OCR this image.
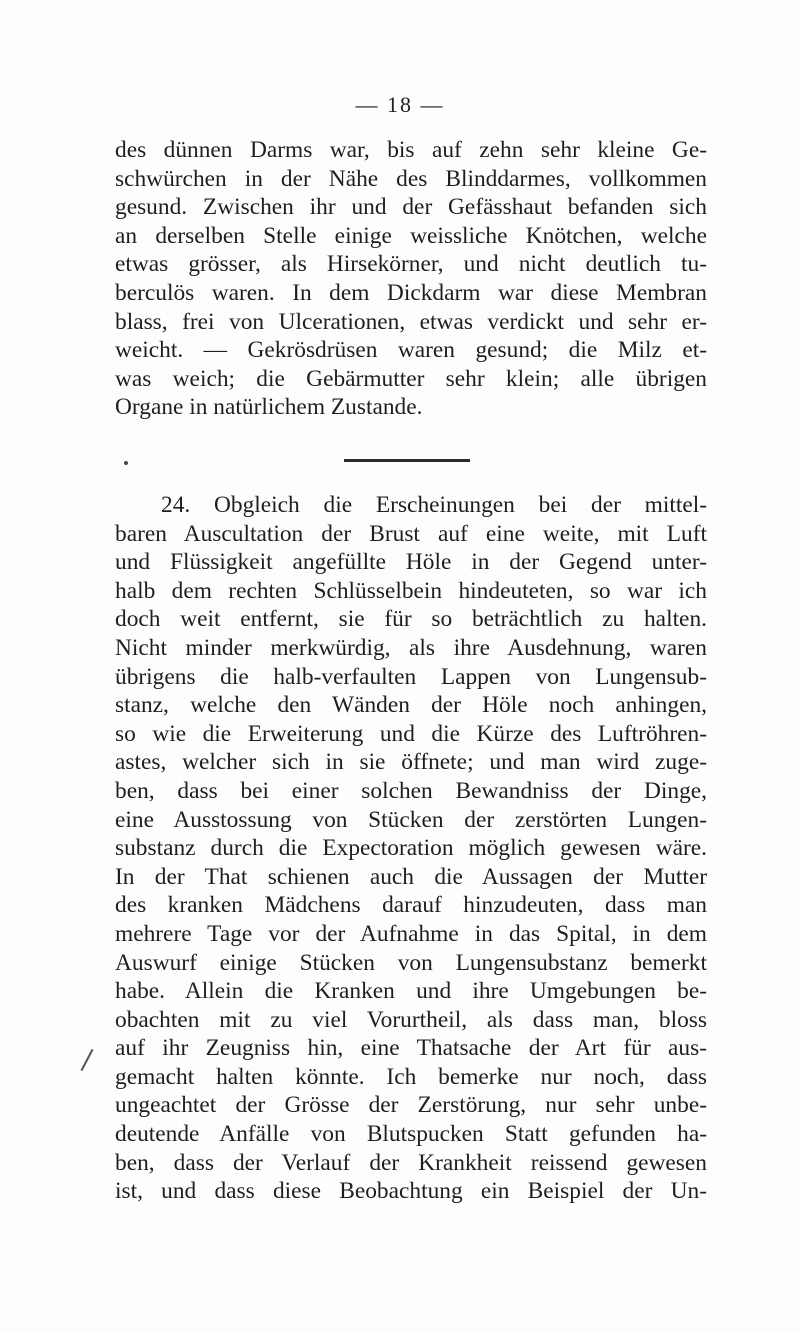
— 18 —
des dünnen Darms war, bis auf zehn sehr kleine Ge-
schwürchen in der Nähe des Blinddarmes, vollkommen
gesund. Zwischen ihr und der Gefässhaut befanden sich
an derselben Stelle einige weissliche Knötchen, welche
etwas grösser, als Hirsekörner, und nicht deutlich tu-
berculös waren. In dem Dickdarm war diese Membran
blass, frei von Ulcerationen, etwas verdickt und sehr er-
weicht. — Gekrösdrüsen waren gesund; die Milz et-
was weich; die Gebärmutter sehr klein; alle übrigen
Organe in natürlichem Zustande.
24. Obgleich die Erscheinungen bei der mittel-
baren Auscultation der Brust auf eine weite, mit Luft
und Flüssigkeit angefüllte Höle in der Gegend unter-
halb dem rechten Schlüsselbein hindeuteten, so war ich
doch weit entfernt, sie für so beträchtlich zu halten.
Nicht minder merkwürdig, als ihre Ausdehnung, waren
übrigens die halb-verfaulten Lappen von Lungensub-
stanz, welche den Wänden der Höle noch anhingen,
so wie die Erweiterung und die Kürze des Luftröhren-
astes, welcher sich in sie öffnete; und man wird zuge-
ben, dass bei einer solchen Bewandniss der Dinge,
eine Ausstossung von Stücken der zerstörten Lungen-
substanz durch die Expectoration möglich gewesen wäre.
In der That schienen auch die Aussagen der Mutter
des kranken Mädchens darauf hinzudeuten, dass man
mehrere Tage vor der Aufnahme in das Spital, in dem
Auswurf einige Stücken von Lungensubstanz bemerkt
habe. Allein die Kranken und ihre Umgebungen be-
obachten mit zu viel Vorurtheil, als dass man, bloss
auf ihr Zeugniss hin, eine Thatsache der Art für aus-
gemacht halten könnte. Ich bemerke nur noch, dass
ungeachtet der Grösse der Zerstörung, nur sehr unbe-
deutende Anfälle von Blutspucken Statt gefunden ha-
ben, dass der Verlauf der Krankheit reissend gewesen
ist, und dass diese Beobachtung ein Beispiel der Un-
